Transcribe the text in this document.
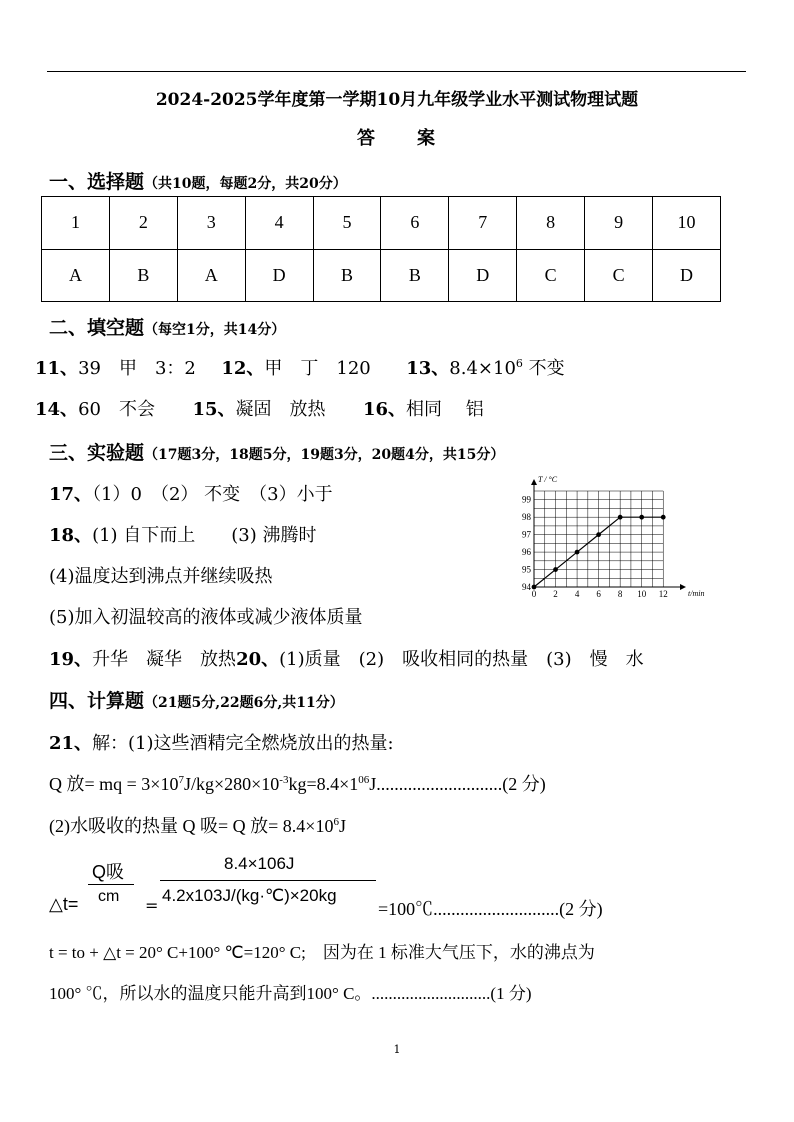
2024-2025学年度第一学期10月九年级学业水平测试物理试题
答　　案
一、选择题（共10题，每题2分，共20分）
1	2	3	4	5	6	7	8	9	10
A	B	A	D	B	B	D	C	C	D
二、填空题（每空1分，共14分）
11、39　甲　3：2 12、甲　丁　120 13、$8.4\times 10^6$ 不变
14、60　不会 15、凝固　放热 16、相同　 铝
三、实验题（17题3分，18题5分，19题3分，20题4分，共15分）
17、（1）0　（2） 不变　（3）小于
18、(1) 自下而上　　(3) 沸腾时
(4)温度达到沸点并继续吸热
(5)加入初温较高的液体或减少液体质量
19、升华　凝华　放热20、(1)质量　(2)　吸收相同的热量　(3)　慢　水
0 2 4 6 8 10 12
94
95
96
97
98
99
T / °C
t/min
四、计算题（21题5分,22题6分,共11分）
21、解：(1)这些酒精完全燃烧放出的热量:
Q 放= mq = $3\times 10^7J/kg\times 280\times 10^{-3}kg=8.4\times 1^{06}J............................(2$ 分)
(2)水吸收的热量 Q 吸= Q 放= $8.4\times 10^6J$
△t=
Q吸
cm =
8.4×106J
4.2x103J/(kg·℃)×20kg
=100℃............................(2 分)
t = to + △t = 20° C+100° ℃=120° C;　因为在 1 标准大气压下，水的沸点为
100° ℃，所以水的温度只能升高到100° C。............................(1 分)
1
